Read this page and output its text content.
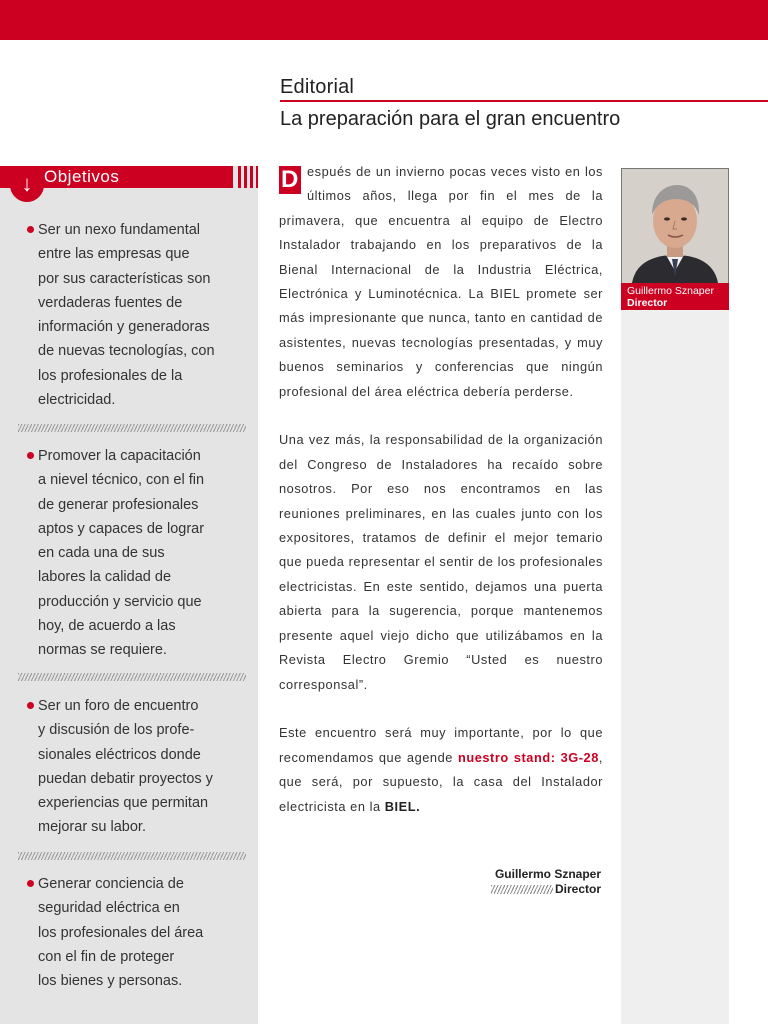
Editorial
La preparación para el gran encuentro
↓ Objetivos
Ser un nexo fundamental
entre las empresas que
por sus características son
verdaderas fuentes de
información y generadoras
de nuevas tecnologías, con
los profesionales de la
electricidad.
Promover la capacitación
a nievel técnico, con el fin
de generar profesionales
aptos y capaces de lograr
en cada una de sus
labores la calidad de
producción y servicio que
hoy, de acuerdo a las
normas se requiere.
Ser un foro de encuentro
y discusión de los profe-
sionales eléctricos donde
puedan debatir proyectos y
experiencias que permitan
mejorar su labor.
Generar conciencia de
seguridad eléctrica en
los profesionales del área
con el fin de proteger
los bienes y personas.
D espués de un invierno pocas veces visto en los últimos años, llega por fin el mes de la primavera, que encuentra al equipo de Electro Instalador trabajando en los preparativos de la Bienal Internacional de la Industria Eléctrica, Electrónica y Luminotécnica. La BIEL promete ser más impresionante que nunca, tanto en cantidad de asistentes, nuevas tecnologías presentadas, y muy buenos seminarios y conferencias que ningún profesional del área eléctrica debería perderse.
Una vez más, la responsabilidad de la organización del Congreso de Instaladores ha recaído sobre nosotros. Por eso nos encontramos en las reuniones preliminares, en las cuales junto con los expositores, tratamos de definir el mejor temario que pueda representar el sentir de los profesionales electricistas. En este sentido, dejamos una puerta abierta para la sugerencia, porque mantenemos presente aquel viejo dicho que utilizábamos en la Revista Electro Gremio “Usted es nuestro corresponsal”.
Este encuentro será muy importante, por lo que recomendamos que agende nuestro stand: 3G-28, que será, por supuesto, la casa del Instalador electricista en la BIEL.
Guillermo Sznaper
Director
Guillermo Sznaper
Director
